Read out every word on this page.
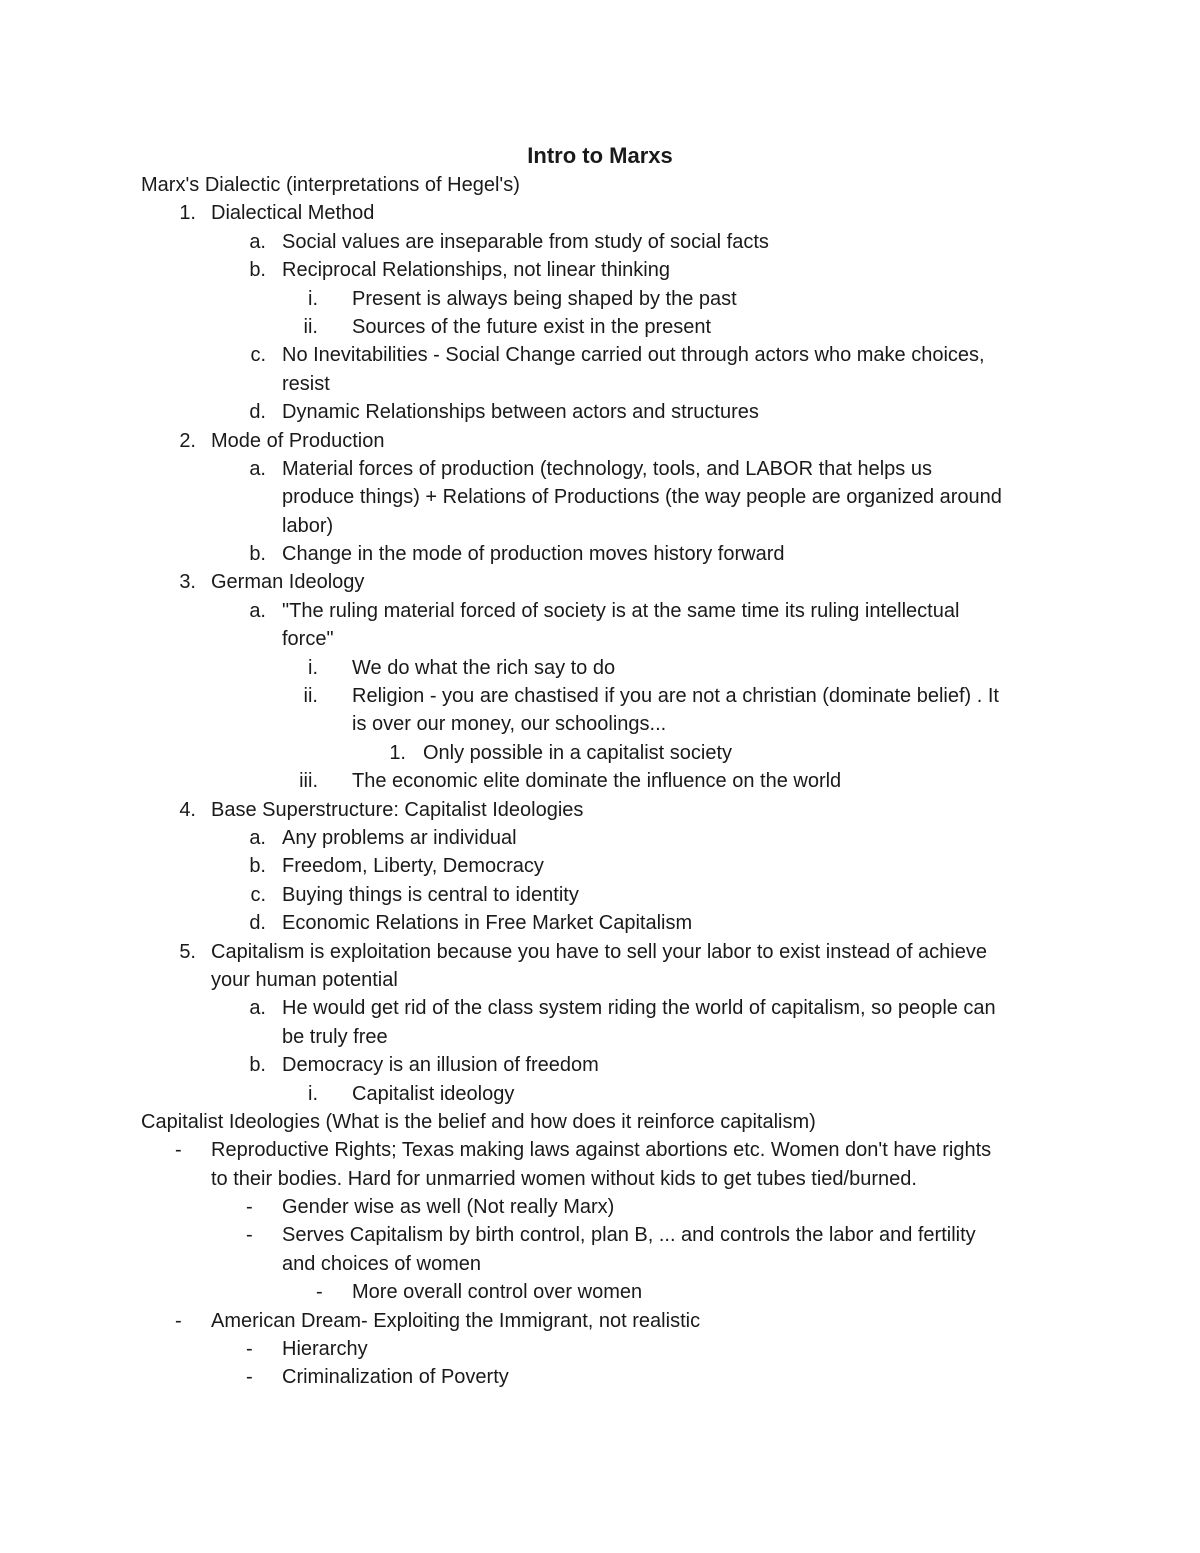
Intro to Marxs
Marx's Dialectic (interpretations of Hegel's)
1. Dialectical Method
a. Social values are inseparable from study of social facts
b. Reciprocal Relationships, not linear thinking
i. Present is always being shaped by the past
ii. Sources of the future exist in the present
c. No Inevitabilities - Social Change carried out through actors who make choices,
resist
d. Dynamic Relationships between actors and structures
2. Mode of Production
a. Material forces of production (technology, tools, and LABOR that helps us
produce things) + Relations of Productions (the way people are organized around
labor)
b. Change in the mode of production moves history forward
3. German Ideology
a. "The ruling material forced of society is at the same time its ruling intellectual
force"
i. We do what the rich say to do
ii. Religion - you are chastised if you are not a christian (dominate belief) . It
is over our money, our schoolings...
1. Only possible in a capitalist society
iii. The economic elite dominate the influence on the world
4. Base Superstructure: Capitalist Ideologies
a. Any problems ar individual
b. Freedom, Liberty, Democracy
c. Buying things is central to identity
d. Economic Relations in Free Market Capitalism
5. Capitalism is exploitation because you have to sell your labor to exist instead of achieve
your human potential
a. He would get rid of the class system riding the world of capitalism, so people can
be truly free
b. Democracy is an illusion of freedom
i. Capitalist ideology
Capitalist Ideologies (What is the belief and how does it reinforce capitalism)
- Reproductive Rights; Texas making laws against abortions etc. Women don't have rights
to their bodies. Hard for unmarried women without kids to get tubes tied/burned.
- Gender wise as well (Not really Marx)
- Serves Capitalism by birth control, plan B, ... and controls the labor and fertility
and choices of women
- More overall control over women
- American Dream- Exploiting the Immigrant, not realistic
- Hierarchy
- Criminalization of Poverty
